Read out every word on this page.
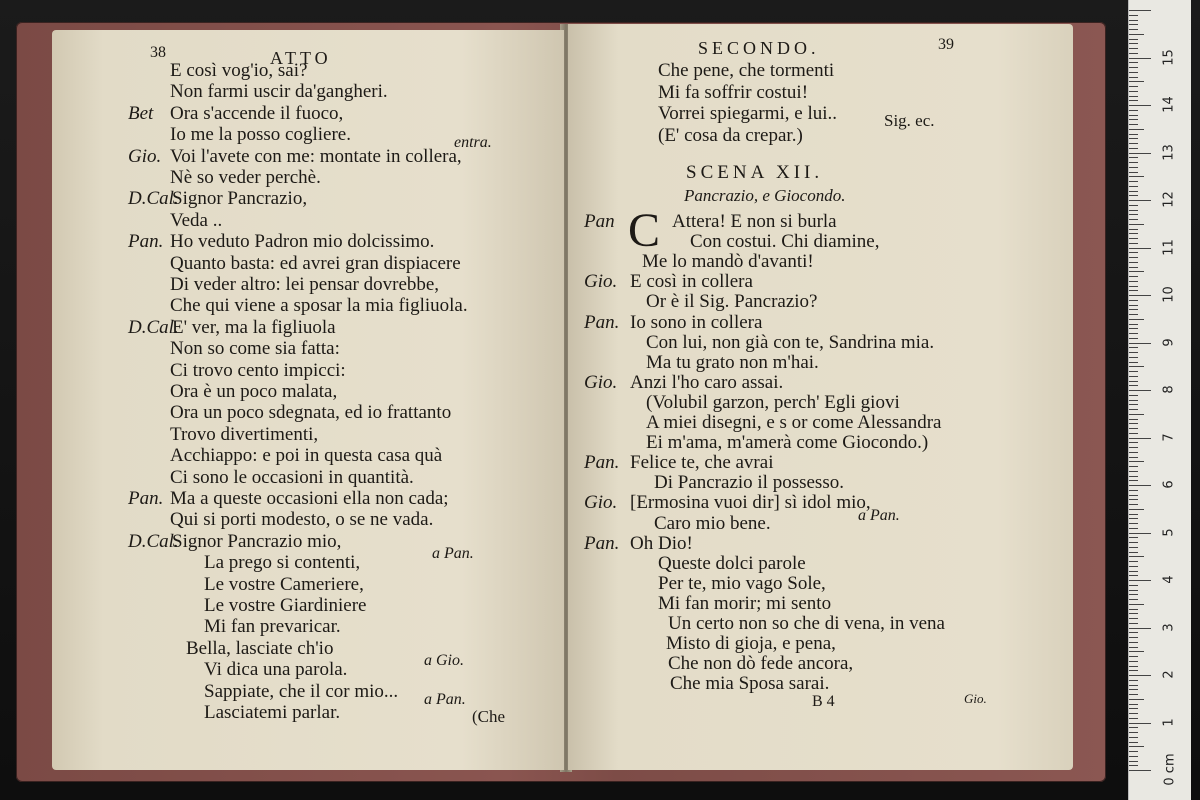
38	ATTO
E così vog'io, sai?
Non farmi uscir da'gangheri.
Bet Ora s'accende il fuoco,
Io me la posso cogliere.
Gio. Voi l'avete con me: montate in collera,
Nè so veder perchè.
D.Cal.
Signor Pancrazio,
Veda ..
Pan. Ho veduto Padron mio dolcissimo.
Quanto basta: ed avrei gran dispiacere
Di veder altro: lei pensar dovrebbe,
Che qui viene a sposar la mia figliuola.
D.Cal.
E' ver, ma la figliuola
Non so come sia fatta:
Ci trovo cento impicci:
Ora è un poco malata,
Ora un poco sdegnata, ed io frattanto
Trovo divertimenti,
Acchiappo: e poi in questa casa quà
Ci sono le occasioni in quantità.
Pan. Ma a queste occasioni ella non cada;
Qui si porti modesto, o se ne vada.
D.Cal.
Signor Pancrazio mio,
La prego si contenti,
Le vostre Cameriere,
Le vostre Giardiniere
Mi fan prevaricar.
Bella, lasciate ch'io
Vi dica una parola.
Sappiate, che il cor mio...
Lasciatemi parlar.
entra.
a Pan.
a Gio.
a Pan.
(Che
SECONDO.	39
Che pene, che tormenti
Mi fa soffrir costui!
Vorrei spiegarmi, e lui..
(E' cosa da crepar.)
Sig. ec.
SCENA XII.
Pancrazio, e Giocondo.
C
Pan	Attera! E non si burla
Con costui. Chi diamine,
Me lo mandò d'avanti!
Gio. E così in collera
Or è il Sig. Pancrazio?
Pan. Io sono in collera
Con lui, non già con te, Sandrina mia.
Ma tu grato non m'hai.
Gio. Anzi l'ho caro assai.
(Volubil garzon, perch' Egli giovi
A miei disegni, e s or come Alessandra
Ei m'ama, m'amerà come Giocondo.)
Pan. Felice te, che avrai
Di Pancrazio il possesso.
Gio. [Ermosina vuoi dir] sì idol mio,
Caro mio bene.
Pan. Oh Dio!
Queste dolci parole
Per te, mio vago Sole,
Mi fan morir; mi sento
Un certo non so che di vena, in vena
Misto di gioja, e pena,
Che non dò fede ancora,
Che mia Sposa sarai.
a Pan.
B 4	Gio.
0 cm
1
2
3
4
5
6
7
8
9
10
11
12
13
14
15
